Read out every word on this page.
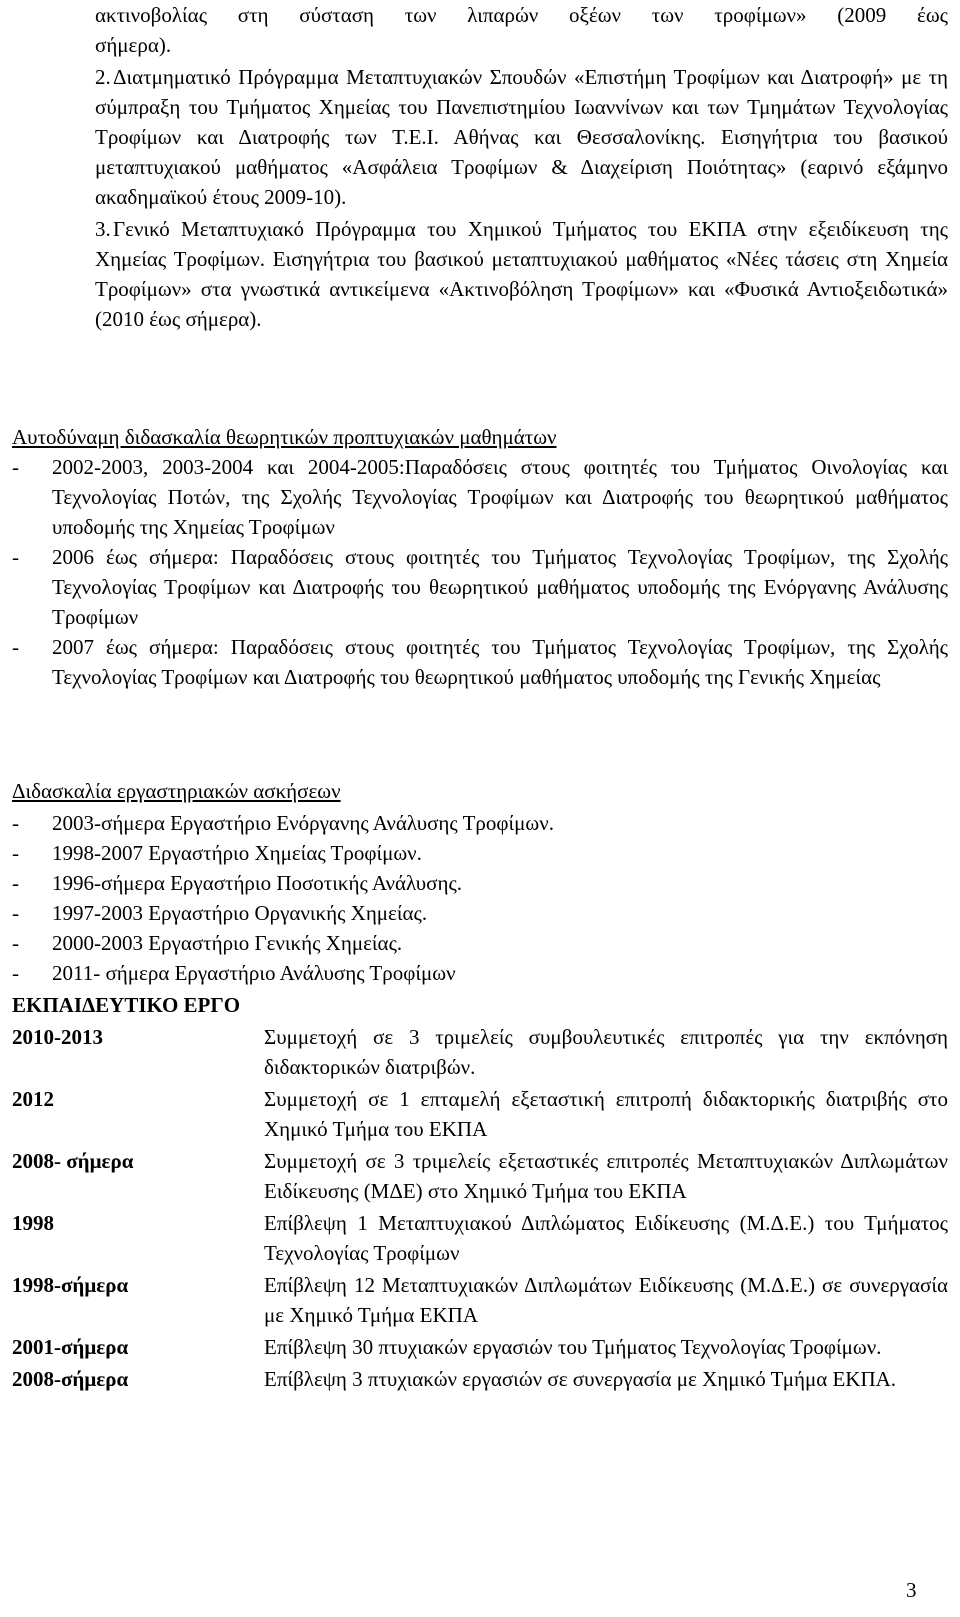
ακτινοβολίας στη σύσταση των λιπαρών οξέων των τροφίμων» (2009 έως
σήμερα).
2. Διατμηματικό Πρόγραμμα Μεταπτυχιακών Σπουδών «Επιστήμη Τροφίμων και Διατροφή» με τη σύμπραξη του Τμήματος Χημείας του Πανεπιστημίου Ιωαννίνων και των Τμημάτων Τεχνολογίας Τροφίμων και Διατροφής των Τ.Ε.Ι. Αθήνας και Θεσσαλονίκης. Εισηγήτρια του βασικού μεταπτυχιακού μαθήματος «Ασφάλεια Τροφίμων & Διαχείριση Ποιότητας» (εαρινό εξάμηνο ακαδημαϊκού έτους 2009-10).
3. Γενικό Μεταπτυχιακό Πρόγραμμα του Χημικού Τμήματος του ΕΚΠΑ στην εξειδίκευση της Χημείας Τροφίμων. Εισηγήτρια του βασικού μεταπτυχιακού μαθήματος «Νέες τάσεις στη Χημεία Τροφίμων» στα γνωστικά αντικείμενα «Ακτινοβόληση Τροφίμων» και «Φυσικά Αντιοξειδωτικά» (2010 έως σήμερα).
Αυτοδύναμη διδασκαλία θεωρητικών προπτυχιακών μαθημάτων
- 2002-2003, 2003-2004 και 2004-2005:Παραδόσεις στους φοιτητές του Τμήματος Οινολογίας και Τεχνολογίας Ποτών, της Σχολής Τεχνολογίας Τροφίμων και Διατροφής του θεωρητικού μαθήματος υποδομής της Χημείας Τροφίμων
- 2006 έως σήμερα: Παραδόσεις στους φοιτητές του Τμήματος Τεχνολογίας Τροφίμων, της Σχολής Τεχνολογίας Τροφίμων και Διατροφής του θεωρητικού μαθήματος υποδομής της Ενόργανης Ανάλυσης Τροφίμων
- 2007 έως σήμερα: Παραδόσεις στους φοιτητές του Τμήματος Τεχνολογίας Τροφίμων, της Σχολής Τεχνολογίας Τροφίμων και Διατροφής του θεωρητικού μαθήματος υποδομής της Γενικής Χημείας
Διδασκαλία εργαστηριακών ασκήσεων
- 2003-σήμερα Εργαστήριο Ενόργανης Ανάλυσης Τροφίμων.
- 1998-2007 Εργαστήριο Χημείας Τροφίμων.
- 1996-σήμερα Εργαστήριο Ποσοτικής Ανάλυσης.
- 1997-2003 Εργαστήριο Οργανικής Χημείας.
- 2000-2003 Εργαστήριο Γενικής Χημείας.
- 2011- σήμερα Εργαστήριο Ανάλυσης Τροφίμων
ΕΚΠΑΙΔΕΥΤΙΚΟ ΕΡΓΟ
2010-2013	Συμμετοχή σε 3 τριμελείς συμβουλευτικές επιτροπές για την εκπόνηση διδακτορικών διατριβών.
2012	Συμμετοχή σε 1 επταμελή εξεταστική επιτροπή διδακτορικής διατριβής στο Χημικό Τμήμα του ΕΚΠΑ
2008- σήμερα	Συμμετοχή σε 3 τριμελείς εξεταστικές επιτροπές Μεταπτυχιακών Διπλωμάτων Ειδίκευσης (ΜΔΕ) στο Χημικό Τμήμα του ΕΚΠΑ
1998	Επίβλεψη 1 Μεταπτυχιακού Διπλώματος Ειδίκευσης (Μ.Δ.Ε.) του Τμήματος Τεχνολογίας Τροφίμων
1998-σήμερα	Επίβλεψη 12 Μεταπτυχιακών Διπλωμάτων Ειδίκευσης (Μ.Δ.Ε.) σε συνεργασία με Χημικό Τμήμα ΕΚΠΑ
2001-σήμερα	Επίβλεψη 30 πτυχιακών εργασιών του Τμήματος Τεχνολογίας Τροφίμων.
2008-σήμερα	Επίβλεψη 3 πτυχιακών εργασιών σε συνεργασία με Χημικό Τμήμα ΕΚΠΑ.
3
